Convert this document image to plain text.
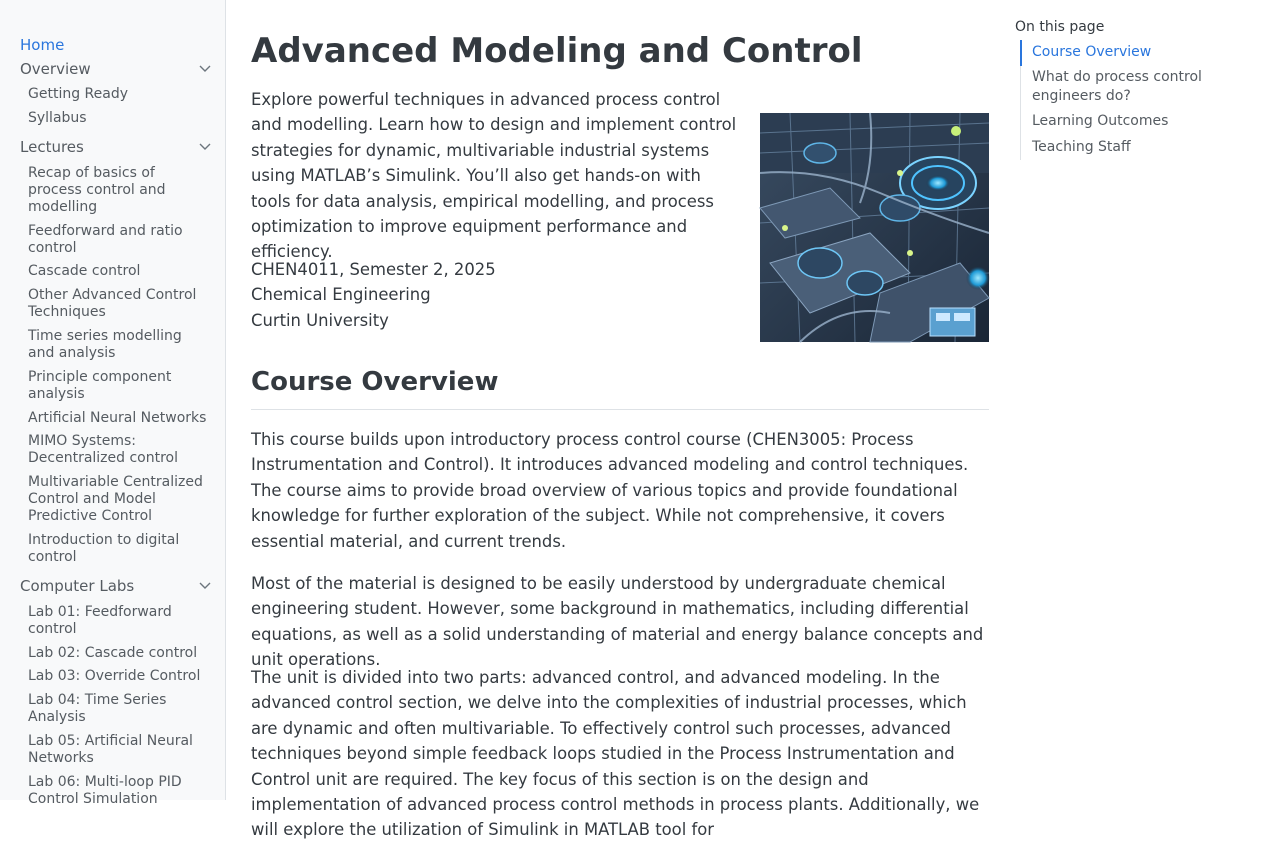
Home
Overview
Getting Ready
Syllabus
Lectures
Recap of basics of process control and modelling
Feedforward and ratio control
Cascade control
Other Advanced Control Techniques
Time series modelling and analysis
Principle component analysis
Artificial Neural Networks
MIMO Systems: Decentralized control
Multivariable Centralized Control and Model Predictive Control
Introduction to digital control
Computer Labs
Lab 01: Feedforward control
Lab 02: Cascade control
Lab 03: Override Control
Lab 04: Time Series Analysis
Lab 05: Artificial Neural Networks
Lab 06: Multi-loop PID Control Simulation
Advanced Modeling and Control

Explore powerful techniques in advanced process control and modelling. Learn how to design and implement control strategies for dynamic, multivariable industrial systems using MATLAB’s Simulink. You’ll also get hands-on with tools for data analysis, empirical modelling, and process optimization to improve equipment performance and efficiency.

CHEN4011, Semester 2, 2025
Chemical Engineering
Curtin University

Course Overview

This course builds upon introductory process control course (CHEN3005: Process Instrumentation and Control). It introduces advanced modeling and control techniques. The course aims to provide broad overview of various topics and provide foundational knowledge for further exploration of the subject. While not comprehensive, it covers essential material, and current trends.

Most of the material is designed to be easily understood by undergraduate chemical engineering student. However, some background in mathematics, including differential equations, as well as a solid understanding of material and energy balance concepts and unit operations.

The unit is divided into two parts: advanced control, and advanced modeling. In the advanced control section, we delve into the complexities of industrial processes, which are dynamic and often multivariable. To effectively control such processes, advanced techniques beyond simple feedback loops studied in the Process Instrumentation and Control unit are required. The key focus of this section is on the design and implementation of advanced process control methods in process plants. Additionally, we will explore the utilization of Simulink in MATLAB tool for

On this page
Course Overview
What do process control engineers do?
Learning Outcomes
Teaching Staff
